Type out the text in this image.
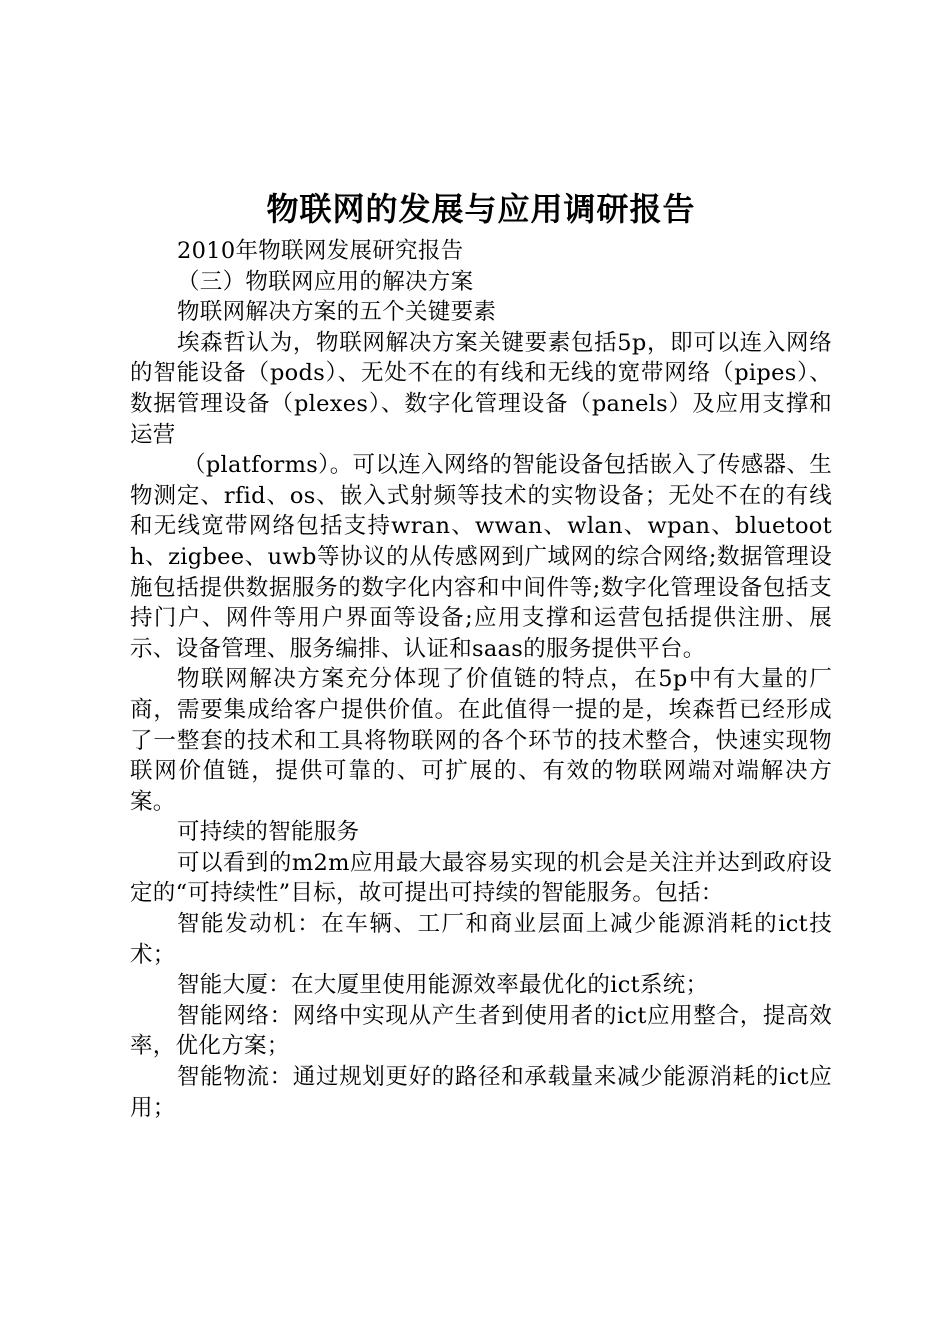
物联网的发展与应用调研报告

2010年物联网发展研究报告

（三）物联网应用的解决方案

物联网解决方案的五个关键要素

埃森哲认为，物联网解决方案关键要素包括5p，即可以连入网络的智能设备（pods）、无处不在的有线和无线的宽带网络（pipes）、数据管理设备（plexes）、数字化管理设备（panels）及应用支撑和运营

（platforms）。可以连入网络的智能设备包括嵌入了传感器、生物测定、rfid、os、嵌入式射频等技术的实物设备；无处不在的有线和无线宽带网络包括支持wran、wwan、wlan、wpan、bluetooth、zigbee、uwb等协议的从传感网到广域网的综合网络;数据管理设施包括提供数据服务的数字化内容和中间件等;数字化管理设备包括支持门户、网件等用户界面等设备;应用支撑和运营包括提供注册、展示、设备管理、服务编排、认证和saas的服务提供平台。

物联网解决方案充分体现了价值链的特点，在5p中有大量的厂商，需要集成给客户提供价值。在此值得一提的是，埃森哲已经形成了一整套的技术和工具将物联网的各个环节的技术整合，快速实现物联网价值链，提供可靠的、可扩展的、有效的物联网端对端解决方案。

可持续的智能服务

可以看到的m2m应用最大最容易实现的机会是关注并达到政府设定的“可持续性”目标，故可提出可持续的智能服务。包括：

智能发动机：在车辆、工厂和商业层面上减少能源消耗的ict技术；

智能大厦：在大厦里使用能源效率最优化的ict系统；

智能网络：网络中实现从产生者到使用者的ict应用整合，提高效率，优化方案；

智能物流：通过规划更好的路径和承载量来减少能源消耗的ict应用；
